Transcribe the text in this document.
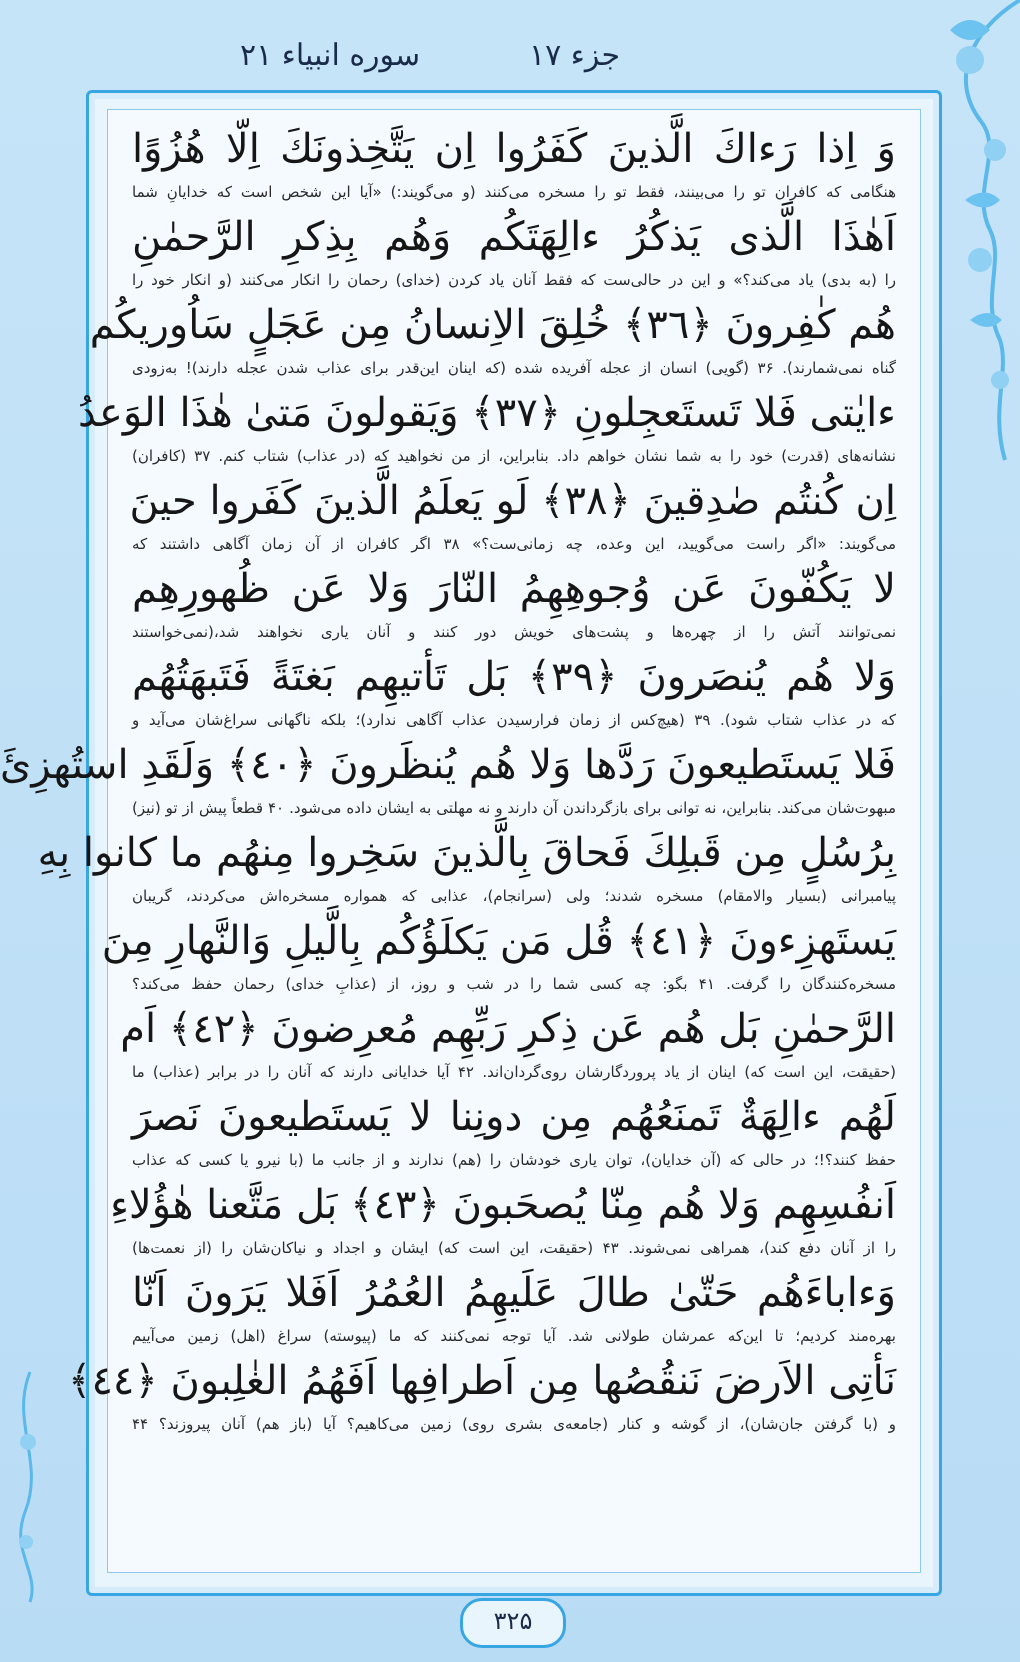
جزء ۱۷
سوره انبیاء ۲۱
وَ اِذا رَءاكَ الَّذينَ كَفَرُوا اِن يَتَّخِذونَكَ اِلّا هُزُوًا
هنگامی که کافران تو را می‌بینند، فقط تو را مسخره می‌کنند (و می‌گویند:) «آیا این شخص است که خدایانِ شما
اَهٰذَا الَّذى يَذكُرُ ءالِهَتَكُم وَهُم بِذِكرِ الرَّحمٰنِ
را (به بدی) یاد می‌کند؟» و این در حالی‌ست که فقط آنان یاد کردن (خدای) رحمان را انکار می‌کنند (و انکار خود را
هُم كٰفِرونَ ﴿٣٦﴾ خُلِقَ الاِنسانُ مِن عَجَلٍ سَاُوريكُم
گناه نمی‌شمارند). ۳۶ (گویی) انسان از عجله آفریده شده (که اینان این‌قدر برای عذاب شدن عجله دارند)! به‌زودی
ءايٰتى فَلا تَستَعجِلونِ ﴿٣٧﴾ وَيَقولونَ مَتىٰ هٰذَا الوَعدُ
نشانه‌های (قدرت) خود را به شما نشان خواهم داد. بنابراین، از من نخواهید که (در عذاب) شتاب کنم. ۳۷ (کافران)
اِن كُنتُم صٰدِقينَ ﴿٣٨﴾ لَو يَعلَمُ الَّذينَ كَفَروا حينَ
می‌گویند: «اگر راست می‌گویید، این وعده، چه زمانی‌ست؟» ۳۸ اگر کافران از آن زمان آگاهی داشتند که
لا يَكُفّونَ عَن وُجوهِهِمُ النّارَ وَلا عَن ظُهورِهِم
نمی‌توانند آتش را از چهره‌ها و پشت‌های خویش دور کنند و آنان یاری نخواهند شد،(نمی‌خواستند
وَلا هُم يُنصَرونَ ﴿٣٩﴾ بَل تَأتيهِم بَغتَةً فَتَبهَتُهُم
که در عذاب شتاب شود). ۳۹ (هیچ‌کس از زمان فرارسیدن عذاب آگاهی ندارد)؛ بلکه ناگهانی سراغ‌شان می‌آید و
فَلا يَستَطيعونَ رَدَّها وَلا هُم يُنظَرونَ ﴿٤٠﴾ وَلَقَدِ استُهزِئَ
مبهوت‌شان می‌کند. بنابراین، نه توانی برای بازگرداندن آن دارند و نه مهلتی به ایشان داده می‌شود. ۴۰ قطعاً پیش از تو (نیز)
بِرُسُلٍ مِن قَبلِكَ فَحاقَ بِالَّذينَ سَخِروا مِنهُم ما كانوا بِهِ
پیامبرانی (بسیار والامقام) مسخره شدند؛ ولی (سرانجام)، عذابی که همواره مسخره‌اش می‌کردند، گریبان
يَستَهزِءونَ ﴿٤١﴾ قُل مَن يَكلَؤُكُم بِالَّيلِ وَالنَّهارِ مِنَ
مسخره‌کنندگان را گرفت. ۴۱ بگو: چه کسی شما را در شب و روز، از (عذابِ خدای) رحمان حفظ می‌کند؟
الرَّحمٰنِ بَل هُم عَن ذِكرِ رَبِّهِم مُعرِضونَ ﴿٤٢﴾ اَم
(حقیقت، این است که) اینان از یاد پروردگارشان روی‌گردان‌اند. ۴۲ آیا خدایانی دارند که آنان را در برابر (عذاب) ما
لَهُم ءالِهَةٌ تَمنَعُهُم مِن دونِنا لا يَستَطيعونَ نَصرَ
حفظ کنند؟!؛ در حالی که (آن خدایان)، توان یاری خودشان را (هم) ندارند و از جانب ما (با نیرو یا کسی که عذاب
اَنفُسِهِم وَلا هُم مِنّا يُصحَبونَ ﴿٤٣﴾ بَل مَتَّعنا هٰؤُلاءِ
را از آنان دفع کند)، همراهی نمی‌شوند. ۴۳ (حقیقت، این است که) ایشان و اجداد و نیاکان‌شان را (از نعمت‌ها)
وَءاباءَهُم حَتّىٰ طالَ عَلَيهِمُ العُمُرُ اَفَلا يَرَونَ اَنّا
بهره‌مند کردیم؛ تا این‌که عمرشان طولانی شد. آیا توجه نمی‌کنند که ما (پیوسته) سراغ (اهل) زمین می‌آییم
نَأتِى الاَرضَ نَنقُصُها مِن اَطرافِها اَفَهُمُ الغٰلِبونَ ﴿٤٤﴾
و (با گرفتن جان‌شان)، از گوشه و کنار (جامعه‌ی بشری روی) زمین می‌کاهیم؟ آیا (باز هم) آنان پیروزند؟ ۴۴
۳۲۵
